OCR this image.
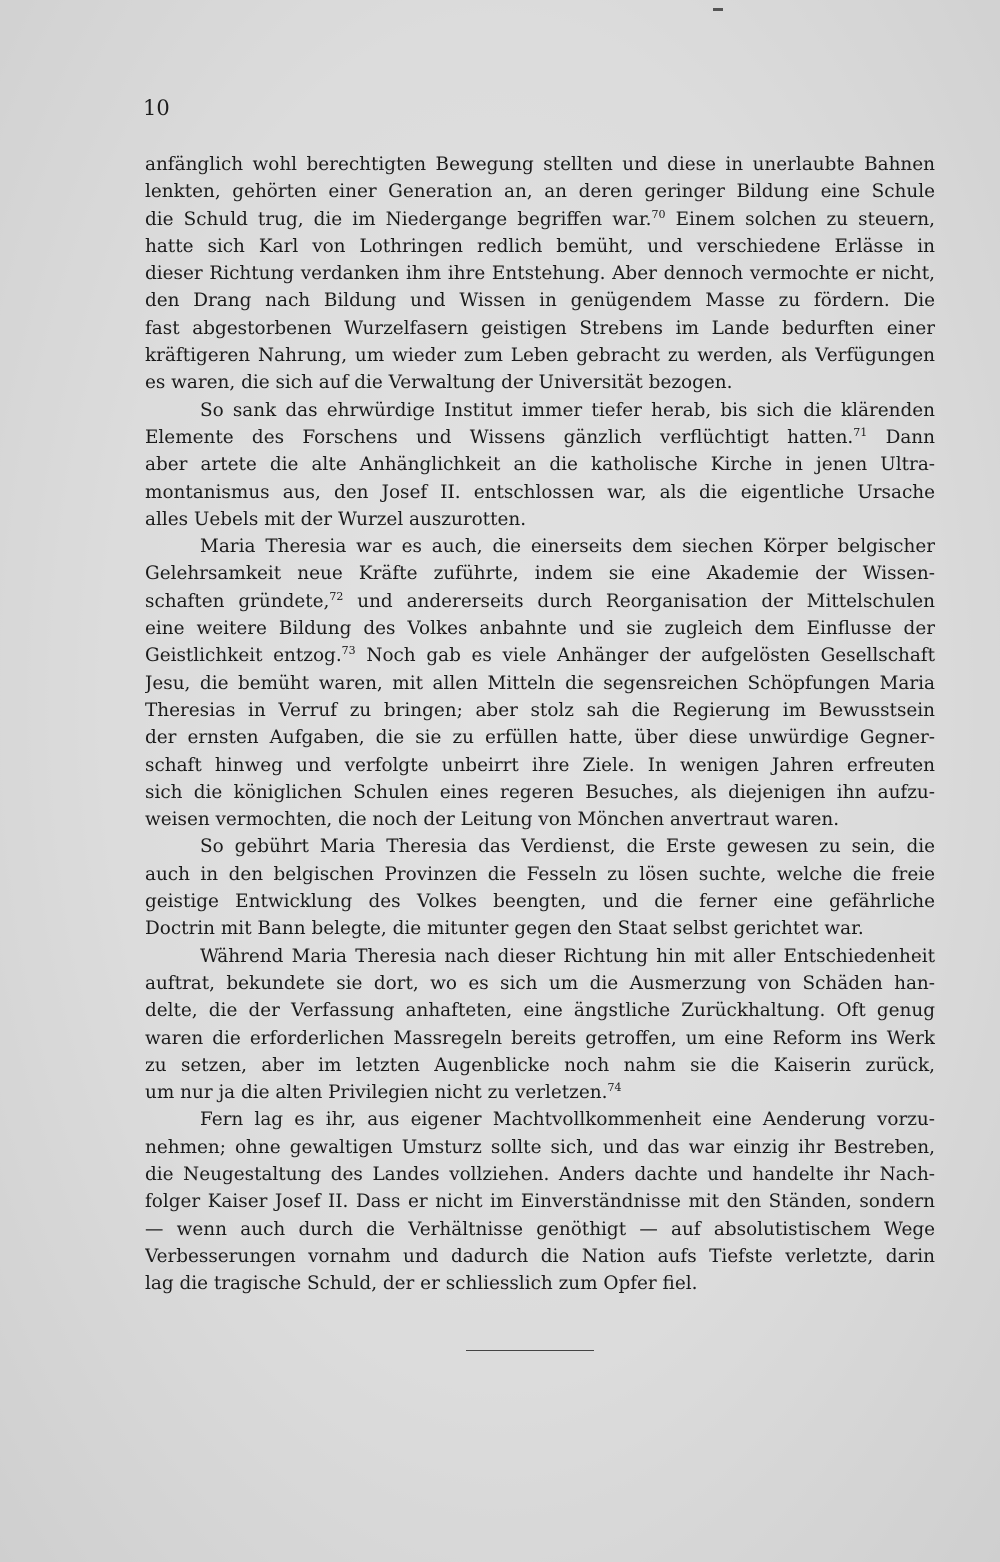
10
anfänglich wohl berechtigten Bewegung stellten und diese in unerlaubte Bahnen
lenkten, gehörten einer Generation an, an deren geringer Bildung eine Schule
die Schuld trug, die im Niedergange begriffen war.$^{70}$ Einem solchen zu steuern,
hatte sich Karl von Lothringen redlich bemüht, und verschiedene Erlässe in
dieser Richtung verdanken ihm ihre Entstehung. Aber dennoch vermochte er nicht,
den Drang nach Bildung und Wissen in genügendem Masse zu fördern. Die
fast abgestorbenen Wurzelfasern geistigen Strebens im Lande bedurften einer
kräftigeren Nahrung, um wieder zum Leben gebracht zu werden, als Verfügungen
es waren, die sich auf die Verwaltung der Universität bezogen.
So sank das ehrwürdige Institut immer tiefer herab, bis sich die klärenden
Elemente des Forschens und Wissens gänzlich verflüchtigt hatten.$^{71}$ Dann
aber artete die alte Anhänglichkeit an die katholische Kirche in jenen Ultra-
montanismus aus, den Josef II. entschlossen war, als die eigentliche Ursache
alles Uebels mit der Wurzel auszurotten.
Maria Theresia war es auch, die einerseits dem siechen Körper belgischer
Gelehrsamkeit neue Kräfte zuführte, indem sie eine Akademie der Wissen-
schaften gründete,$^{72}$ und andererseits durch Reorganisation der Mittelschulen
eine weitere Bildung des Volkes anbahnte und sie zugleich dem Einflusse der
Geistlichkeit entzog.$^{73}$ Noch gab es viele Anhänger der aufgelösten Gesellschaft
Jesu, die bemüht waren, mit allen Mitteln die segensreichen Schöpfungen Maria
Theresias in Verruf zu bringen; aber stolz sah die Regierung im Bewusstsein
der ernsten Aufgaben, die sie zu erfüllen hatte, über diese unwürdige Gegner-
schaft hinweg und verfolgte unbeirrt ihre Ziele. In wenigen Jahren erfreuten
sich die königlichen Schulen eines regeren Besuches, als diejenigen ihn aufzu-
weisen vermochten, die noch der Leitung von Mönchen anvertraut waren.
So gebührt Maria Theresia das Verdienst, die Erste gewesen zu sein, die
auch in den belgischen Provinzen die Fesseln zu lösen suchte, welche die freie
geistige Entwicklung des Volkes beengten, und die ferner eine gefährliche
Doctrin mit Bann belegte, die mitunter gegen den Staat selbst gerichtet war.
Während Maria Theresia nach dieser Richtung hin mit aller Entschiedenheit
auftrat, bekundete sie dort, wo es sich um die Ausmerzung von Schäden han-
delte, die der Verfassung anhafteten, eine ängstliche Zurückhaltung. Oft genug
waren die erforderlichen Massregeln bereits getroffen, um eine Reform ins Werk
zu setzen, aber im letzten Augenblicke noch nahm sie die Kaiserin zurück,
um nur ja die alten Privilegien nicht zu verletzen.$^{74}$
Fern lag es ihr, aus eigener Machtvollkommenheit eine Aenderung vorzu-
nehmen; ohne gewaltigen Umsturz sollte sich, und das war einzig ihr Bestreben,
die Neugestaltung des Landes vollziehen. Anders dachte und handelte ihr Nach-
folger Kaiser Josef II. Dass er nicht im Einverständnisse mit den Ständen, sondern
— wenn auch durch die Verhältnisse genöthigt — auf absolutistischem Wege
Verbesserungen vornahm und dadurch die Nation aufs Tiefste verletzte, darin
lag die tragische Schuld, der er schliesslich zum Opfer fiel.
